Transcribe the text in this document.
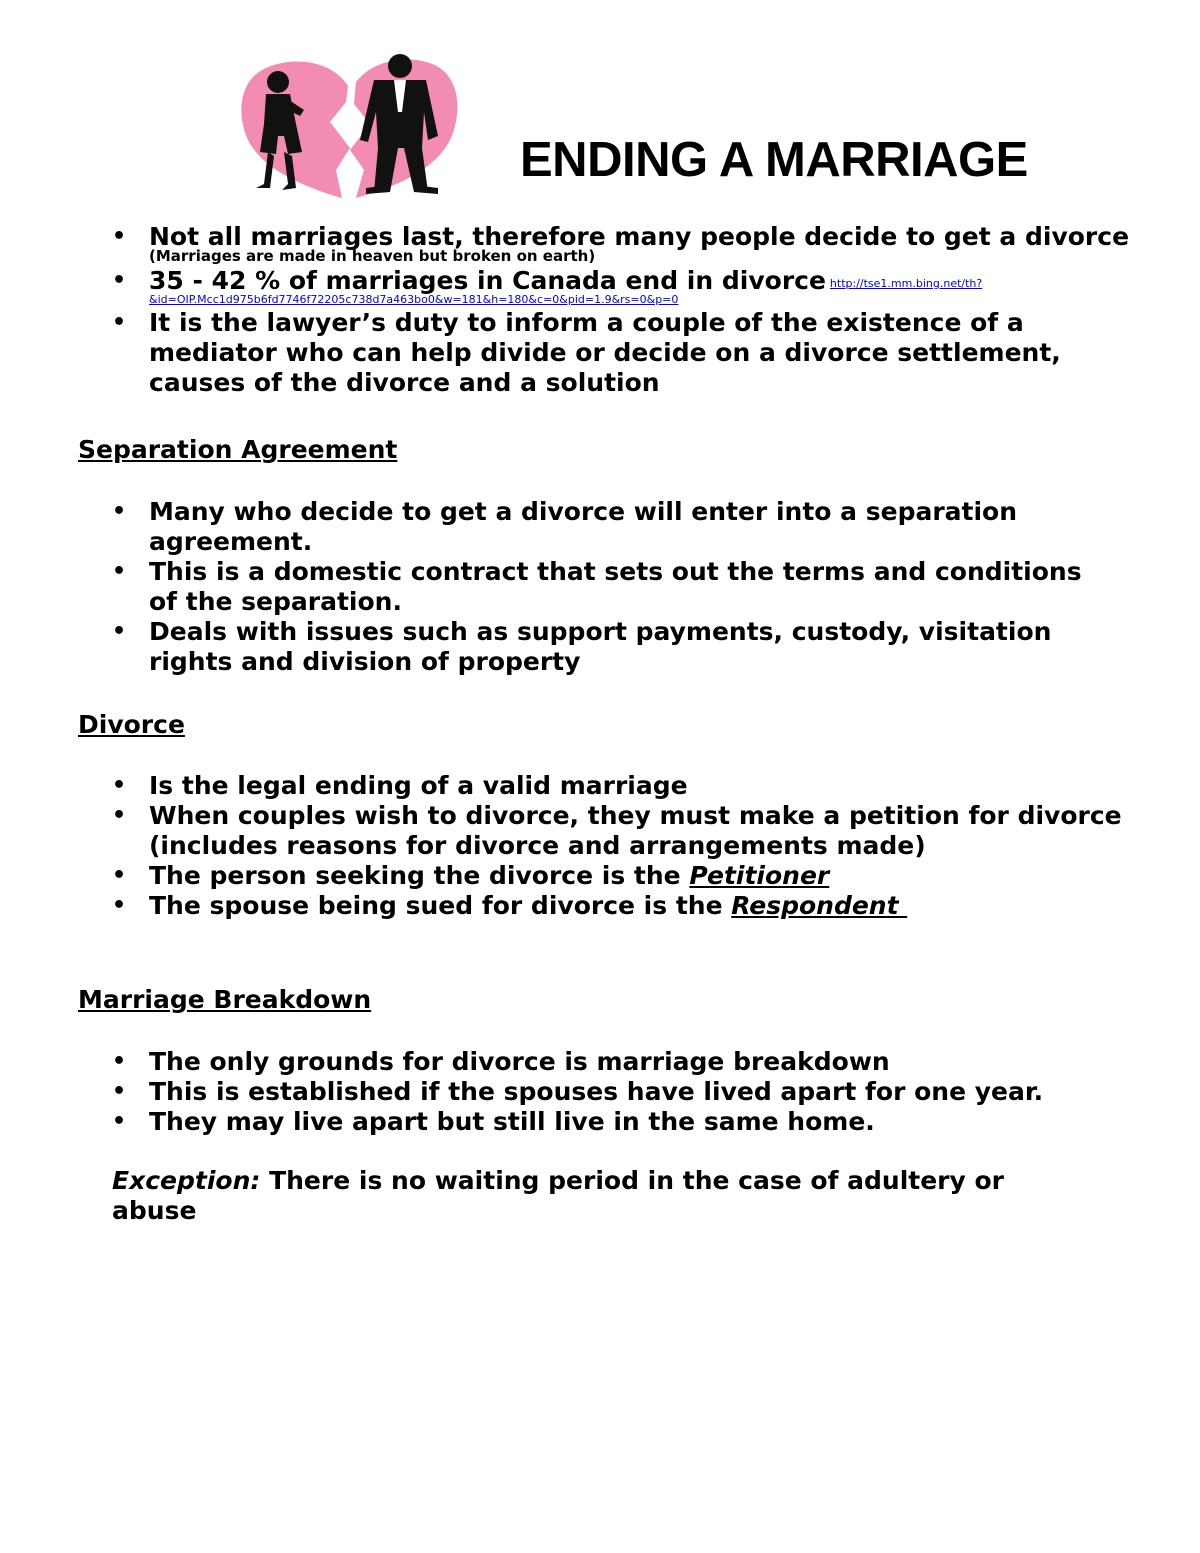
ENDING A MARRIAGE
• Not all marriages last, therefore many people decide to get a divorce
(Marriages are made in heaven but broken on earth)
• 35 - 42 % of marriages in Canada end in divorce http://tse1.mm.bing.net/th?
&id=OIP.Mcc1d975b6fd7746f72205c738d7a463bo0&w=181&h=180&c=0&pid=1.9&rs=0&p=0
• It is the lawyer’s duty to inform a couple of the existence of a
mediator who can help divide or decide on a divorce settlement,
causes of the divorce and a solution
Separation Agreement
• Many who decide to get a divorce will enter into a separation
agreement.
• This is a domestic contract that sets out the terms and conditions
of the separation.
• Deals with issues such as support payments, custody, visitation
rights and division of property
Divorce
• Is the legal ending of a valid marriage
• When couples wish to divorce, they must make a petition for divorce
(includes reasons for divorce and arrangements made)
• The person seeking the divorce is the Petitioner
• The spouse being sued for divorce is the Respondent
Marriage Breakdown
• The only grounds for divorce is marriage breakdown
• This is established if the spouses have lived apart for one year.
• They may live apart but still live in the same home.

Exception: There is no waiting period in the case of adultery or
abuse
